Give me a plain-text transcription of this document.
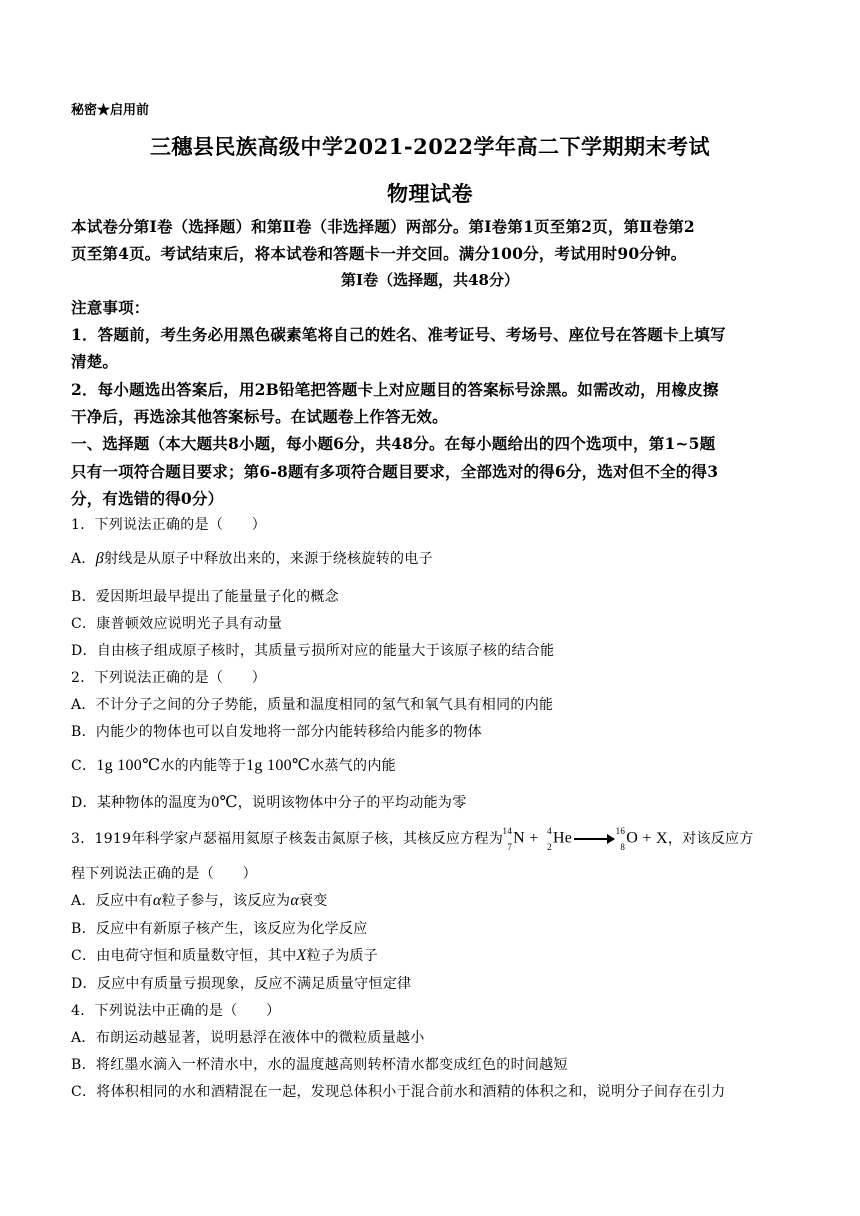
秘密★启用前
三穗县民族高级中学2021-2022学年高二下学期期末考试
物理试卷
本试卷分第Ⅰ卷（选择题）和第Ⅱ卷（非选择题）两部分。第Ⅰ卷第1页至第2页，第Ⅱ卷第2
页至第4页。考试结束后，将本试卷和答题卡一并交回。满分100分，考试用时90分钟。
第Ⅰ卷（选择题，共48分）
注意事项：
1．答题前，考生务必用黑色碳素笔将自己的姓名、准考证号、考场号、座位号在答题卡上填写
清楚。
2．每小题选出答案后，用2B铅笔把答题卡上对应题目的答案标号涂黑。如需改动，用橡皮擦
干净后，再选涂其他答案标号。在试题卷上作答无效。
一、选择题（本大题共8小题，每小题6分，共48分。在每小题给出的四个选项中，第1~5题
只有一项符合题目要求；第6-8题有多项符合题目要求，全部选对的得6分，选对但不全的得3
分，有选错的得0分）
1．下列说法正确的是（　　）
A．β射线是从原子中释放出来的，来源于绕核旋转的电子
B．爱因斯坦最早提出了能量量子化的概念
C．康普顿效应说明光子具有动量
D．自由核子组成原子核时，其质量亏损所对应的能量大于该原子核的结合能
2．下列说法正确的是（　　）
A．不计分子之间的分子势能，质量和温度相同的氢气和氧气具有相同的内能
B．内能少的物体也可以自发地将一部分内能转移给内能多的物体
C．1g 100℃水的内能等于1g 100℃水蒸气的内能
D．某种物体的温度为0℃，说明该物体中分子的平均动能为零
3．1919年科学家卢瑟福用氦原子核轰击氮原子核，其核反应方程为 14
7
N + 4
2
He →
16
8
O + X，对该反应方
程下列说法正确的是（　　）
A．反应中有α粒子参与，该反应为α衰变
B．反应中有新原子核产生，该反应为化学反应
C．由电荷守恒和质量数守恒，其中X粒子为质子
D．反应中有质量亏损现象，反应不满足质量守恒定律
4．下列说法中正确的是（　　）
A．布朗运动越显著，说明悬浮在液体中的微粒质量越小
B．将红墨水滴入一杯清水中，水的温度越高则转杯清水都变成红色的时间越短
C．将体积相同的水和酒精混在一起，发现总体积小于混合前水和酒精的体积之和，说明分子间存在引力
